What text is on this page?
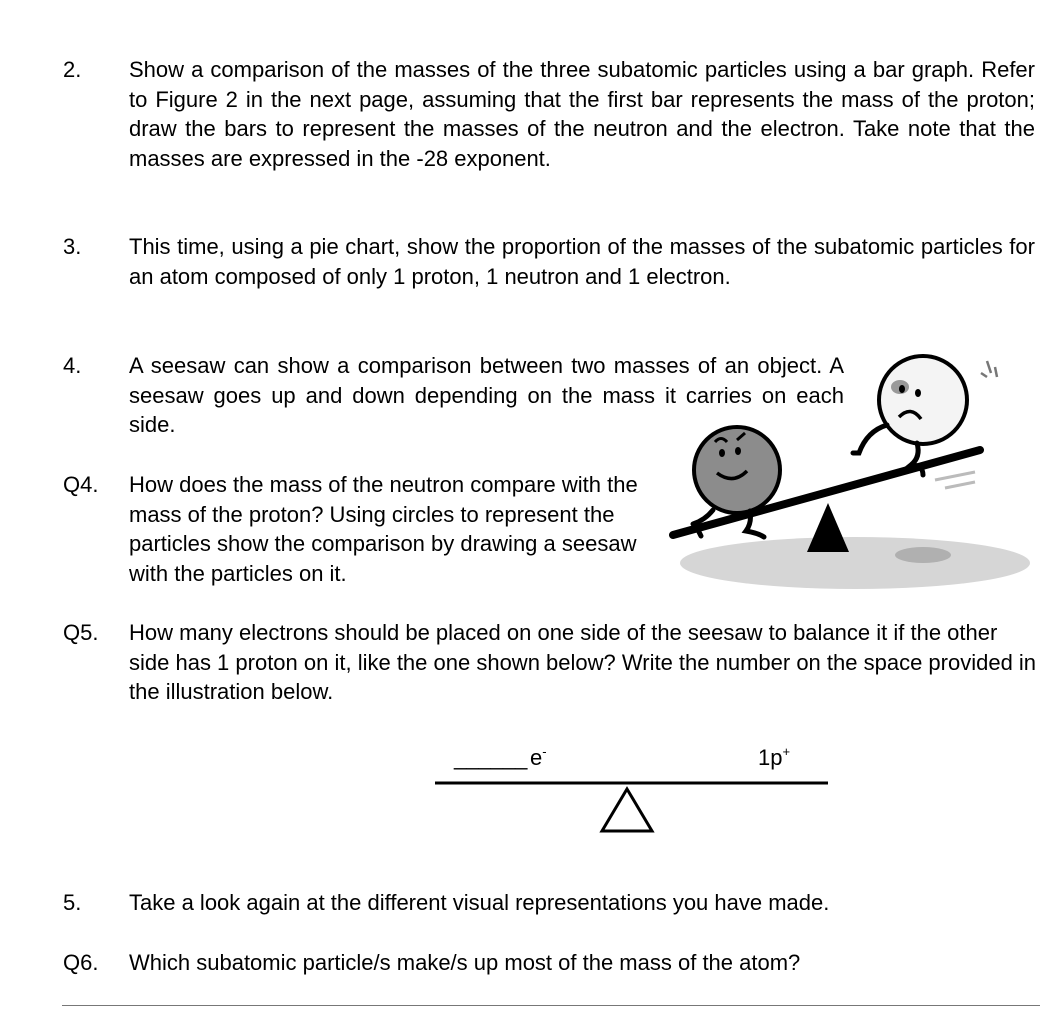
2. Show a comparison of the masses of the three subatomic particles using a bar graph. Refer to Figure 2 in the next page, assuming that the first bar represents the mass of the proton; draw the bars to represent the masses of the neutron and the electron. Take note that the masses are expressed in the -28 exponent.
3. This time, using a pie chart, show the proportion of the masses of the subatomic particles for an atom composed of only 1 proton, 1 neutron and 1 electron.
4. A seesaw can show a comparison between two masses of an object. A seesaw goes up and down depending on the mass it carries on each side.
Q4. How does the mass of the neutron compare with the mass of the proton? Using circles to represent the particles show the comparison by drawing a seesaw with the particles on it.
Q5. How many electrons should be placed on one side of the seesaw to balance it if the other side has 1 proton on it, like the one shown below? Write the number on the space provided in the illustration below.
______ e-	1p+
5. Take a look again at the different visual representations you have made.
Q6. Which subatomic particle/s make/s up most of the mass of the atom?
